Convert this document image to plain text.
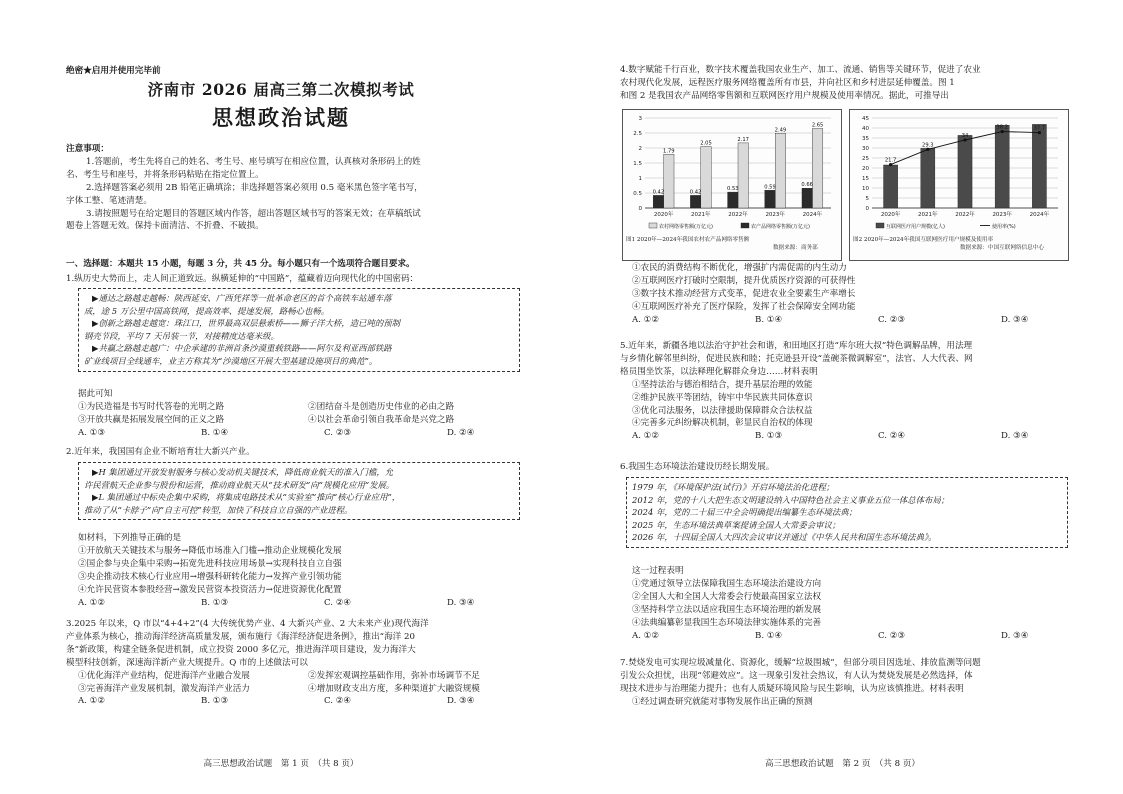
绝密★启用并使用完毕前
济南市 2026 届高三第二次模拟考试
思想政治试题
注意事项：
1.答题前，考生先将自己的姓名、考生号、座号填写在相应位置，认真核对条形码上的姓
名、考生号和座号，并将条形码粘贴在指定位置上。
2.选择题答案必须用 2B 铅笔正确填涂；非选择题答案必须用 0.5 毫米黑色签字笔书写，
字体工整、笔迹清楚。
3.请按照题号在给定题目的答题区域内作答，超出答题区域书写的答案无效；在草稿纸试
题卷上答题无效。保持卡面清洁、不折叠、不破损。
一、选择题：本题共 15 小题，每题 3 分，共 45 分。每小题只有一个选项符合题目要求。
1.纵历史大势而上，走人间正道致远。纵横延伸的“中国路”，蕴藏着迈向现代化的中国密码：
▶通达之路越走越畅：陕西延安、广西凭祥等一批革命老区的首个高铁车站通车落
成，途 5 万公里中国高铁网，提高效率、提速发展，路畅心也畅。
▶创新之路越走越宽：珠江口，世界最高双层悬索桥——狮子洋大桥，造已吨的预制
钢壳节段，平均 7 天吊装一节，对接精度达毫米级。
▶共赢之路越走越广：中企承建的非洲首条沙漠重载铁路——阿尔及利亚西部铁路
矿业线项目全线通车，业主方称其为“沙漠地区开展大型基建设施项目的典范”。
据此可知
①为民造福是书写时代答卷的光明之路	②团结奋斗是创造历史伟业的必由之路
③开放共赢是拓展发展空间的正义之路	④以社会革命引领自我革命是兴党之路
A. ①③	B. ①④	C. ②③	D. ②④
2.近年来，我国国有企业不断培育壮大新兴产业。
▶H 集团通过开放发射服务与核心发动机关键技术，降低商业航天的准入门槛，允
许民营航天企业参与股份和运营，推动商业航天从“技术研发”向“规模化应用”发展。
▶L 集团通过中标央企集中采购，将集成电路技术从“实验室”推向“核心行业应用”，
推动了从“卡脖子”向“自主可控”转型，加快了科技自立自强的产业进程。
如材料，下列推导正确的是
①开放航天关键技术与服务→降低市场准入门槛→推动企业规模化发展
②国企参与央企集中采购→拓宽先进科技应用场景→实现科技自立自强
③央企推动技术核心行业应用→增强科研转化能力→发挥产业引领功能
④允许民营资本参股经营→激发民营资本投资活力→促进资源优化配置
A. ①②	B. ①③	C. ②④	D. ③④
3.2025 年以来，Q 市以“4+4+2”(4 大传统优势产业、4 大新兴产业、2 大未来产业)现代海洋
产业体系为核心，推动海洋经济高质量发展，颁布施行《海洋经济促进条例》，推出“海洋 20
条”新政策，构建全链条促进机制，成立投资 2000 多亿元，推进海洋项目建设，发力海洋大
模型科技创新，深速海洋新产业大规提升。Q 市的上述做法可以
①优化海洋产业结构，促进海洋产业融合发展	②发挥宏观调控基础作用，弥补市场调节不足
③完善海洋产业发展机制，激发海洋产业活力	④增加财政支出方度，多种渠道扩大融资规模
A. ①②	B. ①③	C. ②④	D. ③④
高三思想政治试题　第 1 页　（共 8 页）
4.数字赋能千行百业，数字技术覆盖我国农业生产、加工、流通、销售等关键环节，促进了农业
农村现代化发展，远程医疗服务网络覆盖所有市县，并向社区和乡村进层延伸覆盖。图 1
和图 2 是我国农产品网络零售额和互联网医疗用户规模及使用率情况。据此，可推导出
0
0.5
1
1.5
2
2.5
3
2020年	2021年	2022年	2023年	2024年
1.79
2.05
2.17
2.49
2.65
0.42	0.42
0.53	0.59	0.66
农村网络零售额(万亿元)	农产品网络零售额(万亿元)
图1 2020年—2024年我国农村农产品网络零售额
数据来源：商务部
0
5
10
15
20
25
30
35
40
45
2020年	2021年	2022年	2023年	2024年
21.7
29.3
34
38.2	37.7
互联网医疗用户规模(亿人)	使用率(%)
图2 2020年—2024年我国互联网医疗用户规模及使用率
数据来源：中国互联网络信息中心
①农民的消费结构不断优化，增强扩内需促需的内生动力
②互联网医疗打破时空限制，提升优质医疗资源的可获得性
③数字技术推动经营方式变革，促进农业全要素生产率增长
④互联网医疗补充了医疗保险，发挥了社会保障安全网功能
A. ①②	B. ①④	C. ②③	D. ③④
5.近年来，新疆各地以法治守护社会和谐，和田地区打造“库尔班大叔”特色调解品牌，用法理
与乡情化解邻里纠纷，促进民族和睦；托克逊县开设“盖碗茶微调解室”，法官、人大代表、网
格员围坐饮茶，以法释理化解群众身边……材料表明
①坚持法治与德治相结合，提升基层治理的效能
②维护民族平等团结，铸牢中华民族共同体意识
③优化司法服务，以法律援助保障群众合法权益
④完善多元纠纷解决机制，彰显民自治权的体现
A. ①②	B. ①③	C. ②④	D. ③④
6.我国生态环境法治建设历经长期发展。
1979 年，《环境保护法(试行)》开启环境法治化进程；
2012 年，党的十八大把生态文明建设纳入中国特色社会主义事业五位一体总体布局；
2024 年，党的二十届三中全会明确提出编纂生态环境法典；
2025 年，生态环境法典草案提请全国人大常委会审议；
2026 年，十四届全国人大四次会议审议并通过《中华人民共和国生态环境法典》。
这一过程表明
①党通过领导立法保障我国生态环境法治建设方向
②全国人大和全国人大常委会行使最高国家立法权
③坚持科学立法以适应我国生态环境治理的新发展
④法典编纂彰显我国生态环境法律实施体系的完善
A. ①②	B. ①④	C. ②③	D. ③④
7.焚烧发电可实现垃圾减量化、资源化，缓解“垃圾围城”，但部分项目因选址、排放监测等问题
引发公众担忧，出现“邻避效应”。这一现象引发社会热议，有人认为焚烧发展是必然选择，体
现技术进步与治理能力提升；也有人质疑环境风险与民生影响，认为应该慎推进。材料表明
①经过调查研究就能对事物发展作出正确的预测
高三思想政治试题　第 2 页　（共 8 页）
